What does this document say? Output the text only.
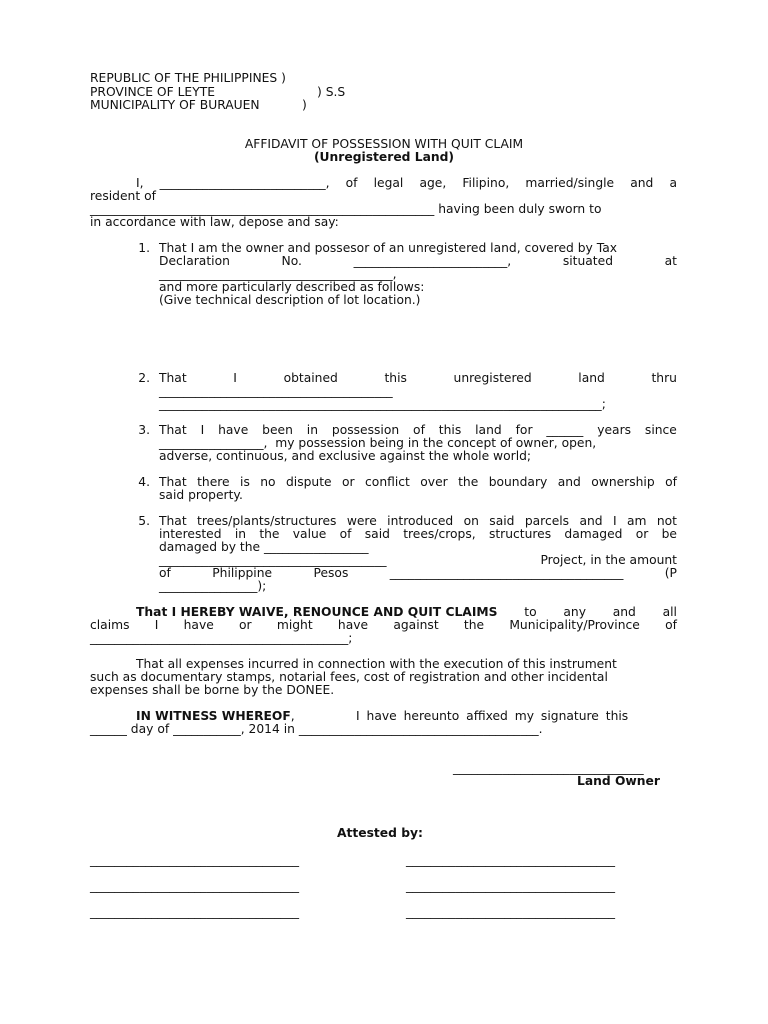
REPUBLIC OF THE PHILIPPINES )
PROVINCE OF LEYTE	) S.S
MUNICIPALITY OF BURAUEN	)
AFFIDAVIT OF POSSESSION WITH QUIT CLAIM
(Unregistered Land)
I, ___________________________, of legal age, Filipino, married/single and a
resident of
________________________________________________________ having been duly sworn to
in accordance with law, depose and say:
1. That I am the owner and possesor of an unregistered land, covered by Tax
Declaration	No.	_________________________,	situated	at
______________________________________,
and more particularly described as follows:
(Give technical description of lot location.)
2. That	I	obtained	this	unregistered	land	thru
______________________________________
________________________________________________________________________;
3. That I have been in possession of this land for ______ years since
_________________,  my possession being in the concept of owner, open,
adverse, continuous, and exclusive against the whole world;
4. That there is no dispute or conflict over the boundary and ownership of
said property.
5. That trees/plants/structures were introduced on said parcels and I am not
interested in the value of said trees/crops, structures damaged or be
damaged by the _________________
_____________________________________	Project, in the amount
of	Philippine	Pesos	______________________________________	(P
________________);
That I HEREBY WAIVE, RENOUNCE AND QUIT CLAIMS to any and all
claims I have or might have against the Municipality/Province of
__________________________________________;
That all expenses incurred in connection with the execution of this instrument
such as documentary stamps, notarial fees, cost of registration and other incidental
expenses shall be borne by the DONEE.
IN WITNESS WHEREOF,	I have hereunto affixed my signature this
______ day of ___________, 2014 in _______________________________________.
_______________________________
Land Owner
Attested by:
__________________________________
__________________________________
__________________________________
__________________________________
__________________________________
__________________________________
